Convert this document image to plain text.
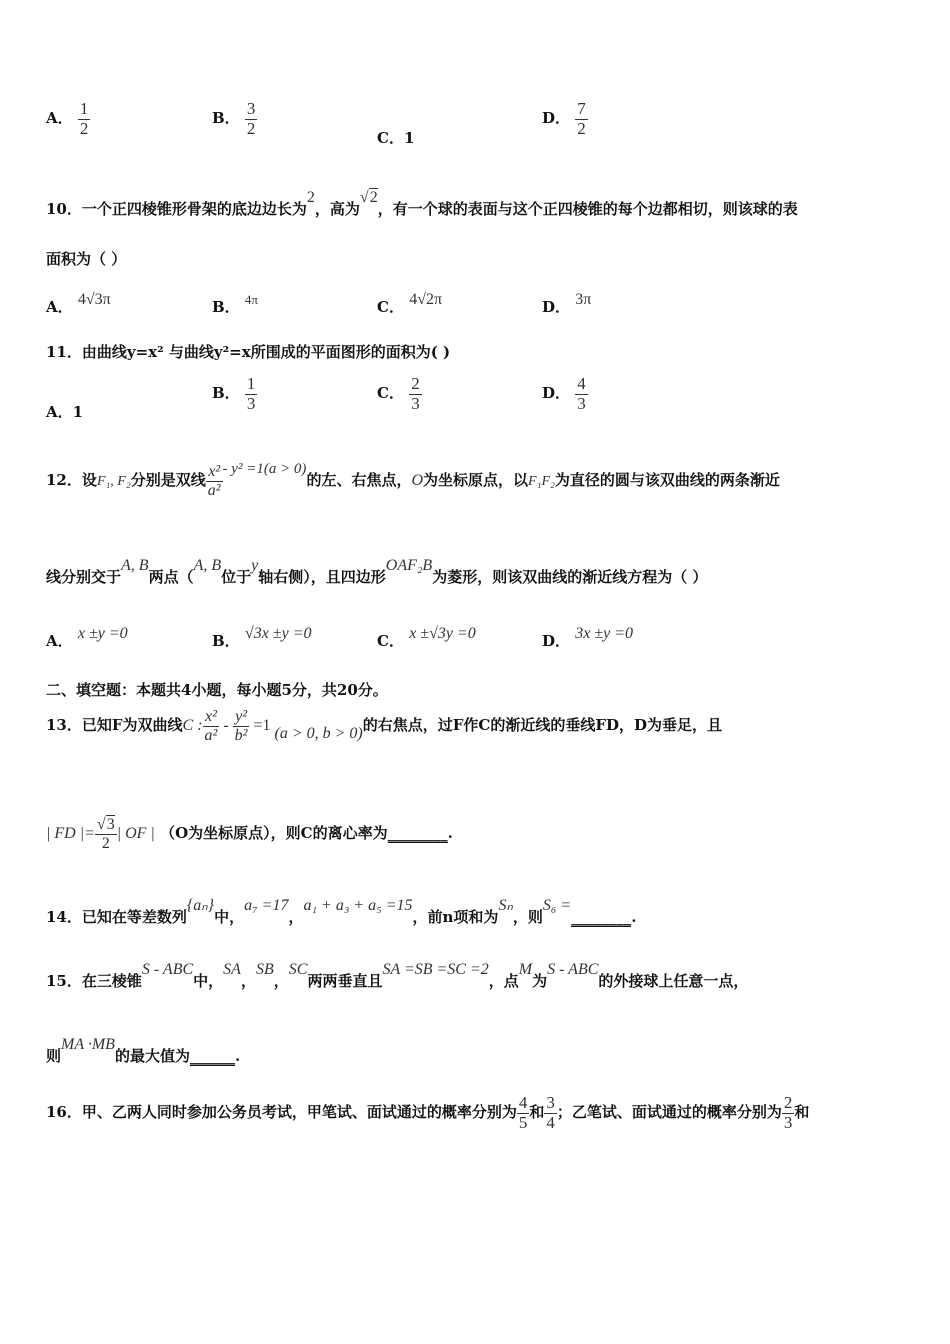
A． $\frac{1}{2}$	B． $\frac{3}{2}$	C．1
D． $\frac{7}{2}$
10．一个正四棱锥形骨架的底边边长为2，高为√2，有一个球的表面与这个正四棱锥的每个边都相切，则该球的表
面积为（ ）
A． 4√3π	B． 4π	C． 4√2π	D． 3π
11．由曲线y=x² 与曲线y²=x所围成的平面图形的面积为( )
A．1
B． $\frac{1}{3}$	C． $\frac{2}{3}$	D． $\frac{4}{3}$
12．设F₁, F₂分别是双线 $\frac{\text{x²}}{\text{a²}} - y^2 =1(a > 0)$的左、右焦点，O为坐标原点，以F₁F₂为直径的圆与该双曲线的两条渐近
线分别交于A, B两点（A, B位于y轴右侧），且四边形OAF₂B为菱形，则该双曲线的渐近线方程为（ ）
A． x ±y =0	B． √3x ±y =0	C． x ±√3y =0	D． 3x ±y =0
二、填空题：本题共4小题，每小题5分，共20分。
13．已知F为双曲线C : $\frac{\text{x²}}{\text{a²}} - \frac{\text{y²}}{\text{b²}} =1$ (a > 0, b > 0)的右焦点，过F作C的渐近线的垂线FD，D为垂足，且
| FD |= $\frac{√3}{2}$ | OF | （O为坐标原点），则C的离心率为________.
14．已知在等差数列{aₙ}中，a₇ =17，a₁ + a₃ + a₅ =15，前n项和为Sₙ，则S₆ =________.
15．在三棱锥S - ABC中，SA，SB，SC两两垂直且SA =SB =SC =2，点M为S - ABC的外接球上任意一点，
则MA ·MB的最大值为______.
16．甲、乙两人同时参加公务员考试，甲笔试、面试通过的概率分别为 $\frac{4}{5}$ 和 $\frac{3}{4}$ ；乙笔试、面试通过的概率分别为 $\frac{2}{3}$ 和
